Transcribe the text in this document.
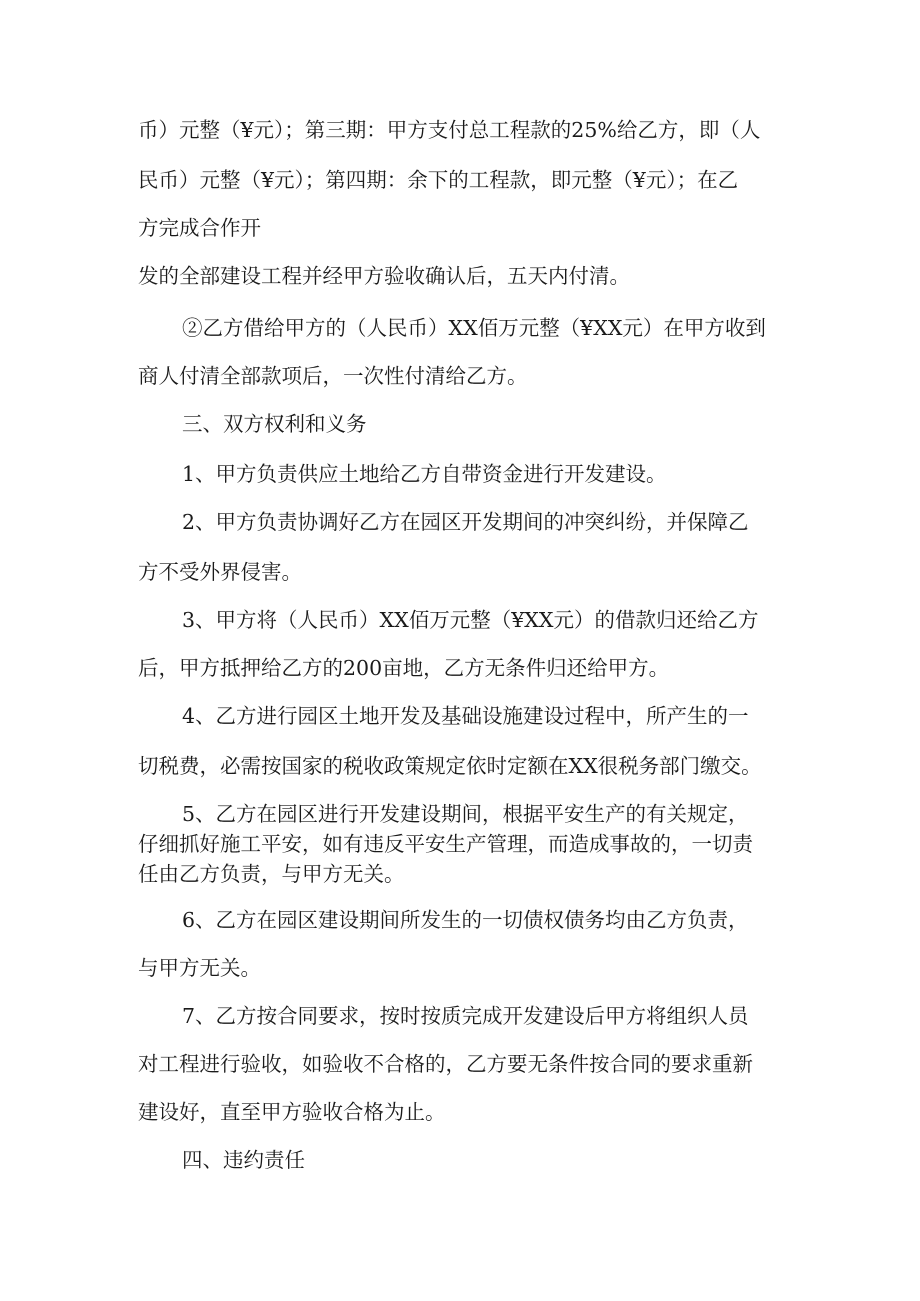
币）元整（¥元）；第三期：甲方支付总工程款的25%给乙方，即（人
民币）元整（¥元）；第四期：余下的工程款，即元整（¥元）；在乙
方完成合作开
发的全部建设工程并经甲方验收确认后，五天内付清。
②乙方借给甲方的（人民币）XX佰万元整（¥XX元）在甲方收到
商人付清全部款项后，一次性付清给乙方。
三、双方权利和义务
1、甲方负责供应土地给乙方自带资金进行开发建设。
2、甲方负责协调好乙方在园区开发期间的冲突纠纷，并保障乙
方不受外界侵害。
3、甲方将（人民币）XX佰万元整（¥XX元）的借款归还给乙方
后，甲方抵押给乙方的200亩地，乙方无条件归还给甲方。
4、乙方进行园区土地开发及基础设施建设过程中，所产生的一
切税费，必需按国家的税收政策规定依时定额在XX很税务部门缴交。
5、乙方在园区进行开发建设期间，根据平安生产的有关规定，
仔细抓好施工平安，如有违反平安生产管理，而造成事故的，一切责
任由乙方负责，与甲方无关。
6、乙方在园区建设期间所发生的一切债权债务均由乙方负责，
与甲方无关。
7、乙方按合同要求，按时按质完成开发建设后甲方将组织人员
对工程进行验收，如验收不合格的，乙方要无条件按合同的要求重新
建设好，直至甲方验收合格为止。
四、违约责任
